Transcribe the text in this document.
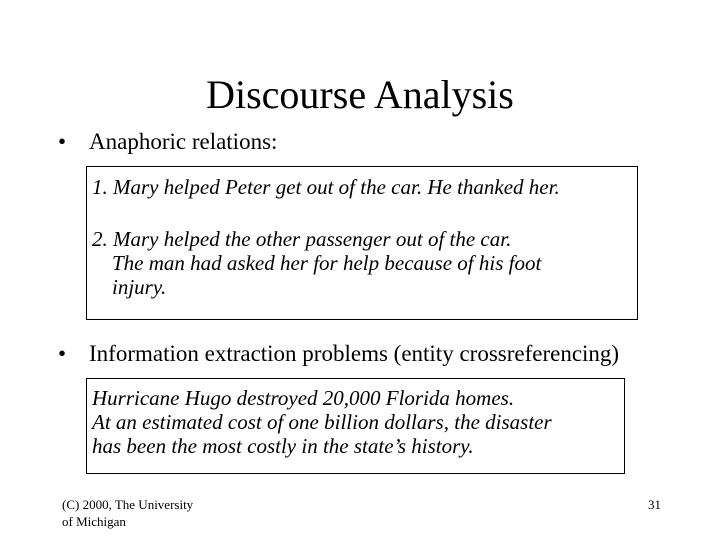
Discourse Analysis
• Anaphoric relations:
1. Mary helped Peter get out of the car. He thanked her.
2. Mary helped the other passenger out of the car.
The man had asked her for help because of his foot
injury.
• Information extraction problems (entity crossreferencing)
Hurricane Hugo destroyed 20,000 Florida homes.
At an estimated cost of one billion dollars, the disaster
has been the most costly in the state’s history.
(C) 2000, The University
of Michigan
31
